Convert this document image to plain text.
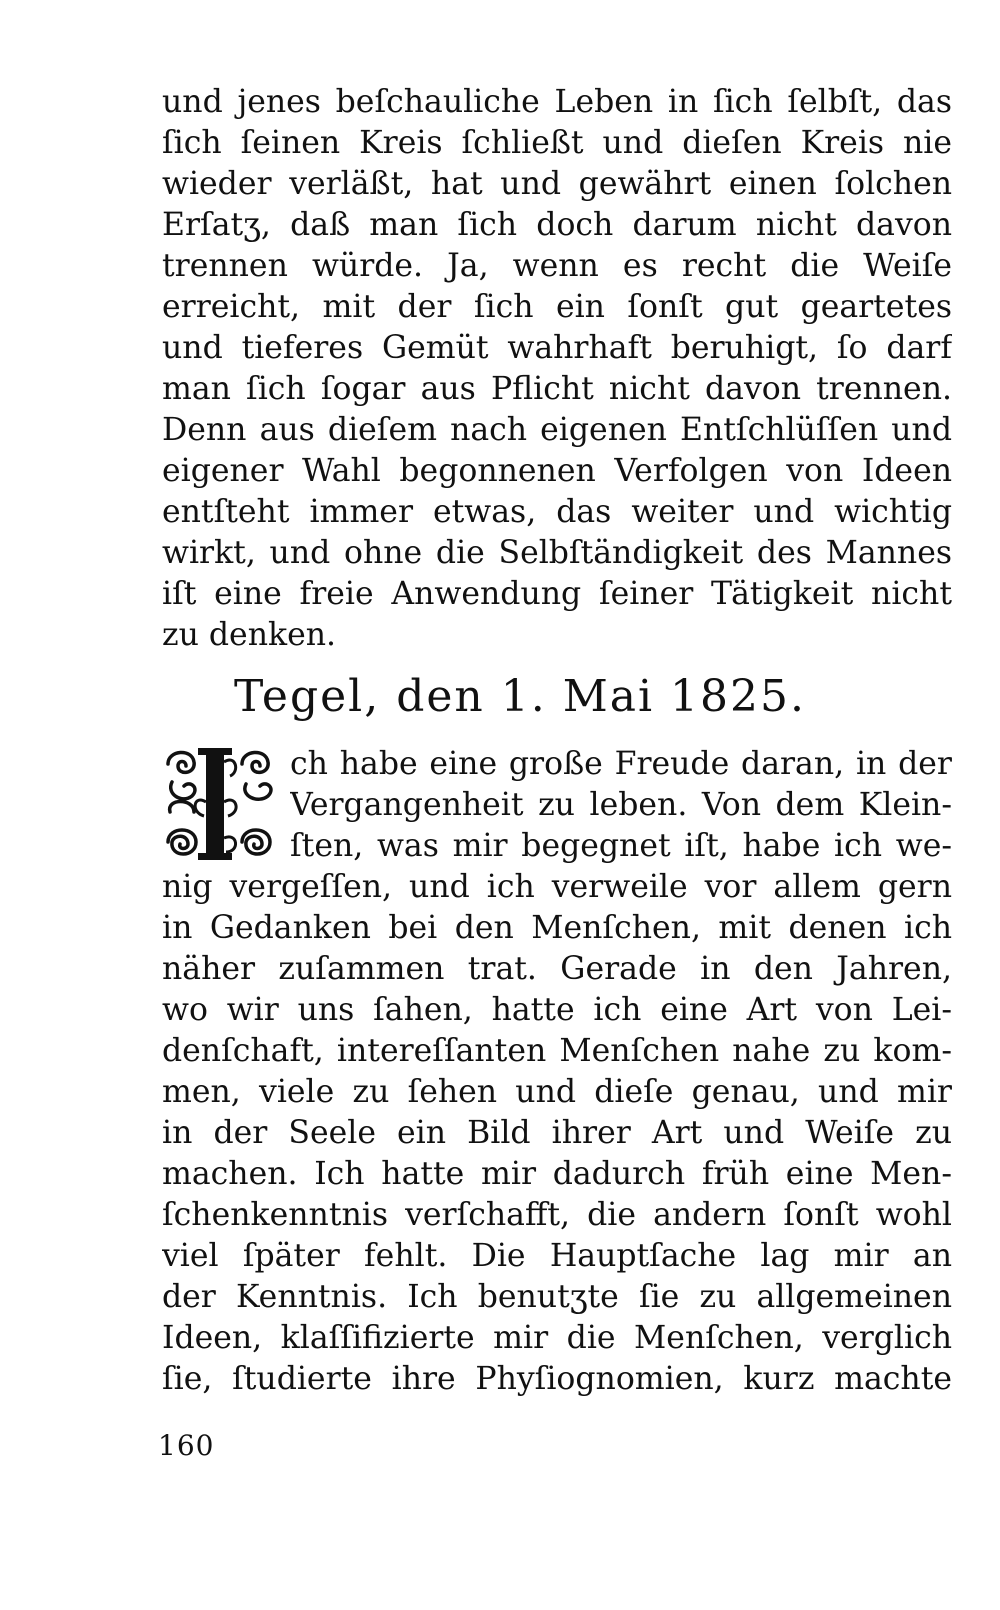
und jenes beſchauliche Leben in ſich ſelbſt, das
ſich ſeinen Kreis ſchließt und dieſen Kreis nie
wieder verläßt, hat und gewährt einen ſolchen
Erſatʒ, daß man ſich doch darum nicht davon
trennen würde. Ja, wenn es recht die Weiſe
erreicht, mit der ſich ein ſonſt gut geartetes
und tieferes Gemüt wahrhaft beruhigt, ſo darf
man ſich ſogar aus Pflicht nicht davon trennen.
Denn aus dieſem nach eigenen Entſchlüſſen und
eigener Wahl begonnenen Verfolgen von Ideen
entſteht immer etwas, das weiter und wichtig
wirkt, und ohne die Selbſtändigkeit des Mannes
iſt eine freie Anwendung ſeiner Tätigkeit nicht
zu denken.
Tegel, den 1. Mai 1825.
ch habe eine große Freude daran, in der
Vergangenheit zu leben. Von dem Klein-
ſten, was mir begegnet iſt, habe ich we-
nig vergeſſen, und ich verweile vor allem gern
in Gedanken bei den Menſchen, mit denen ich
näher zuſammen trat. Gerade in den Jahren,
wo wir uns ſahen, hatte ich eine Art von Lei-
denſchaft, intereſſanten Menſchen nahe zu kom-
men, viele zu ſehen und dieſe genau, und mir
in der Seele ein Bild ihrer Art und Weiſe zu
machen. Ich hatte mir dadurch früh eine Men-
ſchenkenntnis verſchafft, die andern ſonſt wohl
viel ſpäter fehlt. Die Hauptſache lag mir an
der Kenntnis. Ich benutʒte ſie zu allgemeinen
Ideen, klaſſifizierte mir die Menſchen, verglich
ſie, ſtudierte ihre Phyſiognomien, kurz machte
160
